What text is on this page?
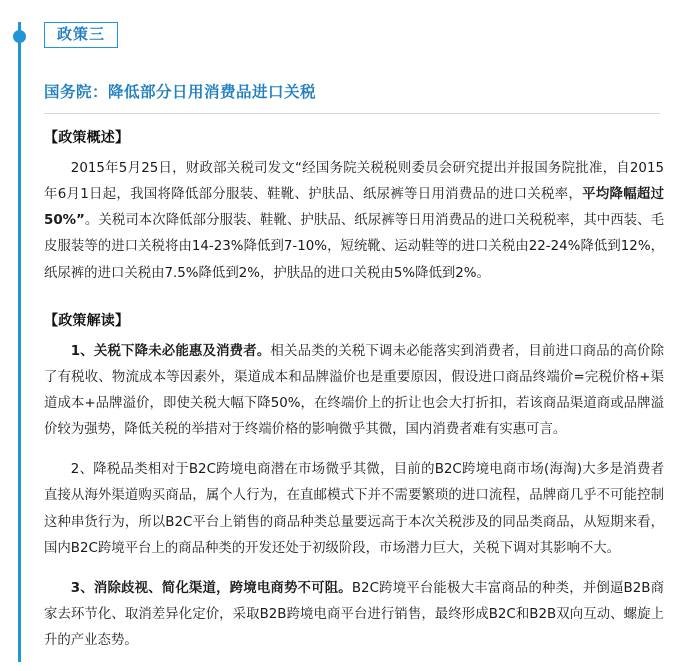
政策三
国务院：降低部分日用消费品进口关税
【政策概述】

2015年5月25日，财政部关税司发文“经国务院关税税则委员会研究提出并报国务院批准，自2015年6月1日起，我国将降低部分服装、鞋靴、护肤品、纸尿裤等日用消费品的进口关税率，平均降幅超过50%”。关税司本次降低部分服装、鞋靴、护肤品、纸尿裤等日用消费品的进口关税税率，其中西装、毛皮服装等的进口关税将由14-23%降低到7-10%，短统靴、运动鞋等的进口关税由22-24%降低到12%，纸尿裤的进口关税由7.5%降低到2%，护肤品的进口关税由5%降低到2%。

【政策解读】

1、关税下降未必能惠及消费者。相关品类的关税下调未必能落实到消费者，目前进口商品的高价除了有税收、物流成本等因素外，渠道成本和品牌溢价也是重要原因，假设进口商品终端价=完税价格+渠道成本+品牌溢价，即使关税大幅下降50%，在终端价上的折让也会大打折扣，若该商品渠道商或品牌溢价较为强势，降低关税的举措对于终端价格的影响微乎其微，国内消费者难有实惠可言。

2、降税品类相对于B2C跨境电商潜在市场微乎其微，目前的B2C跨境电商市场(海淘)大多是消费者直接从海外渠道购买商品，属个人行为，在直邮模式下并不需要繁琐的进口流程，品牌商几乎不可能控制这种串货行为，所以B2C平台上销售的商品种类总量要远高于本次关税涉及的同品类商品，从短期来看，国内B2C跨境平台上的商品种类的开发还处于初级阶段，市场潜力巨大，关税下调对其影响不大。

3、消除歧视、简化渠道，跨境电商势不可阻。B2C跨境平台能极大丰富商品的种类，并倒逼B2B商家去环节化、取消差异化定价，采取B2B跨境电商平台进行销售，最终形成B2C和B2B双向互动、螺旋上升的产业态势。
